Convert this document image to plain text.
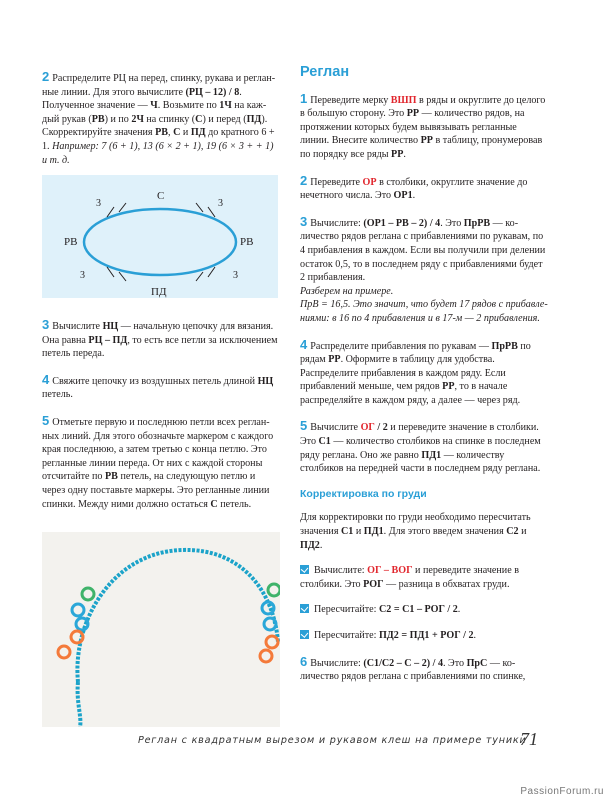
2 Распределите РЦ на перед, спинку, рукава и регланные линии. Для этого вычислите (РЦ – 12) / 8. Полученное значение — Ч. Возьмите по 1Ч на каждый рукав (РВ) и по 2Ч на спинку (С) и перед (ПД). Скорректируйте значения РВ, С и ПД до кратного 6 + 1. Например: 7 (6 + 1), 13 (6 × 2 + 1), 19 (6 × 3 + + 1) и т. д.

С
ПД
РВ	РВ
3	3
3	3

3 Вычислите НЦ — начальную цепочку для вязания. Она равна РЦ – ПД, то есть все петли за исключением петель переда.

4 Свяжите цепочку из воздушных петель длиной НЦ петель.

5 Отметьте первую и последнюю петли всех регланных линий. Для этого обозначьте маркером с каждого края последнюю, а затем третью с конца петлю. Это регланные линии переда. От них с каждой стороны отсчитайте по РВ петель, на следующую петлю и через одну поставьте маркеры. Это регланные линии спинки. Между ними должно остаться С петель.

Реглан

1 Переведите мерку ВШП в ряды и округлите до целого в большую сторону. Это РР — количество рядов, на протяжении которых будем вывязывать регланные линии. Внесите количество РР в таблицу, пронумеровав по порядку все ряды РР.

2 Переведите ОР в столбики, округлите значение до нечетного числа. Это ОР1.

3 Вычислите: (ОР1 – РВ – 2) / 4. Это ПрРВ — количество рядов реглана с прибавлениями по рукавам, по 4 прибавления в каждом. Если вы получили при делении остаток 0,5, то в последнем ряду с прибавлениями будет 2 прибавления.
Разберем на примере.
ПрВ = 16,5. Это значит, что будет 17 рядов с прибавлениями: в 16 по 4 прибавления и в 17-м — 2 прибавления.

4 Распределите прибавления по рукавам — ПрРВ по рядам РР. Оформите в таблицу для удобства. Распределите прибавления в каждом ряду. Если прибавлений меньше, чем рядов РР, то в начале распределяйте в каждом ряду, а далее — через ряд.

5 Вычислите ОГ / 2 и переведите значение в столбики. Это С1 — количество столбиков на спинке в последнем ряду реглана. Оно же равно ПД1 — количеству столбиков на передней части в последнем ряду реглана.

Корректировка по груди

Для корректировки по груди необходимо пересчитать значения С1 и ПД1. Для этого введем значения С2 и ПД2.

Вычислите: ОГ – ВОГ и переведите значение в столбики. Это РОГ — разница в обхватах груди.

Пересчитайте: С2 = С1 – РОГ / 2.

Пересчитайте: ПД2 = ПД1 + РОГ / 2.

6 Вычислите: (С1/С2 – С – 2) / 4. Это ПрС — количество рядов реглана с прибавлениями по спинке,

Реглан с квадратным вырезом и рукавом клеш на примере туники
71
PassionForum.ru
